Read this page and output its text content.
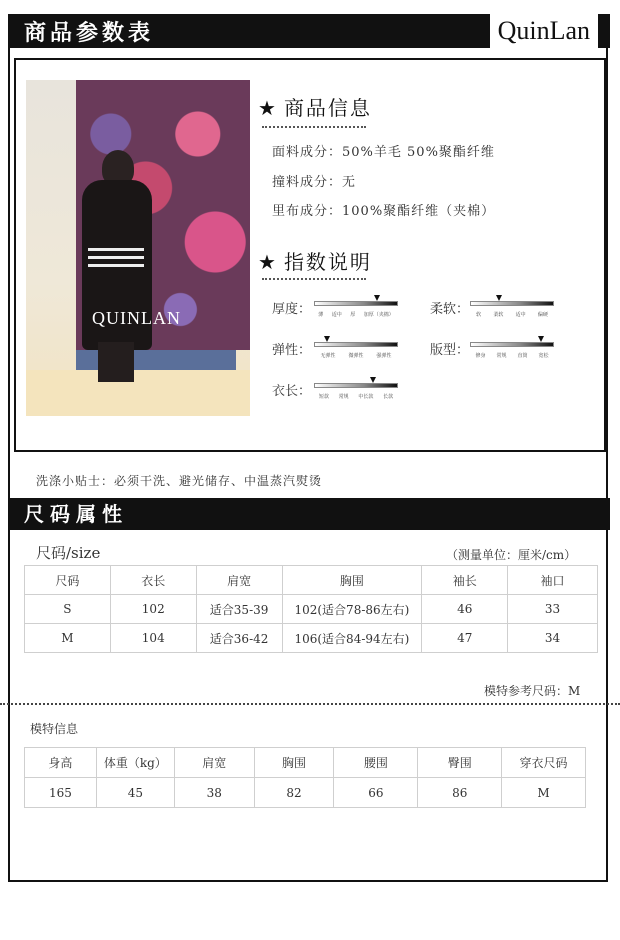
商品参数表	QuinLan
QUINLAN
★ 商品信息
面料成分：50%羊毛 50%聚酯纤维
撞料成分：无
里布成分：100%聚酯纤维（夹棉）
★ 指数说明
厚度： 薄 适中 厚 加厚（夹棉）	柔软： 软 柔软 适中 偏硬
弹性： 无弹性	微弹性	强弹性	版型： 修身 常规 直筒 宽松
衣长： 短款 常规 中长款 长款
洗涤小贴士：必须干洗、避光储存、中温蒸汽熨烫
尺码属性
尺码/size	（测量单位：厘米/cm）
尺码	衣长	肩宽	胸围	袖长	袖口
S	102	适合35-39	102(适合78-86左右)	46	33
M	104	适合36-42	106(适合84-94左右)	47	34
模特参考尺码：M
模特信息
身高	体重（kg）	肩宽	胸围	腰围	臀围	穿衣尺码
165	45	38	82	66	86	M
